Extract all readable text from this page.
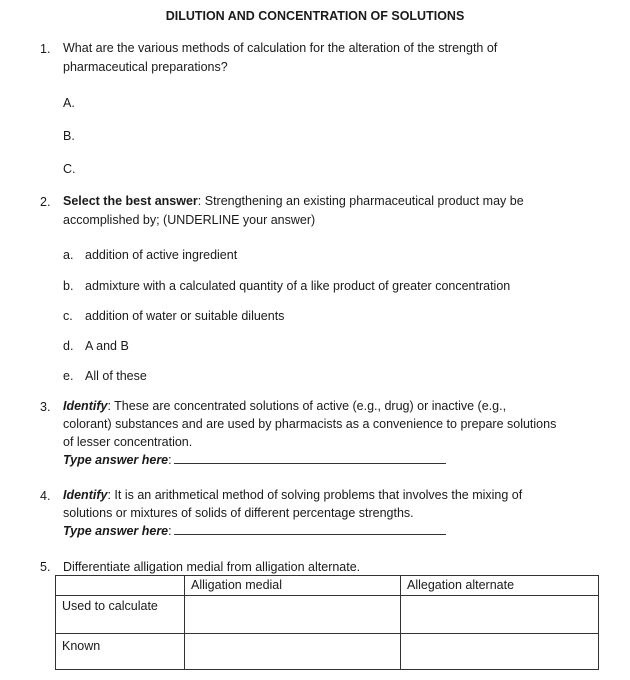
DILUTION AND CONCENTRATION OF SOLUTIONS
1. What are the various methods of calculation for the alteration of the strength of
pharmaceutical preparations?
A.
B.
C.
2. Select the best answer: Strengthening an existing pharmaceutical product may be
accomplished by; (UNDERLINE your answer)
a. addition of active ingredient
b. admixture with a calculated quantity of a like product of greater concentration
c. addition of water or suitable diluents
d. A and B
e. All of these
3. Identify: These are concentrated solutions of active (e.g., drug) or inactive (e.g.,
colorant) substances and are used by pharmacists as a convenience to prepare solutions
of lesser concentration.
Type answer here:
4. Identify: It is an arithmetical method of solving problems that involves the mixing of
solutions or mixtures of solids of different percentage strengths.
Type answer here:
5. Differentiate alligation medial from alligation alternate.

	Alligation medial	Allegation alternate

Used to calculate		

Known		
